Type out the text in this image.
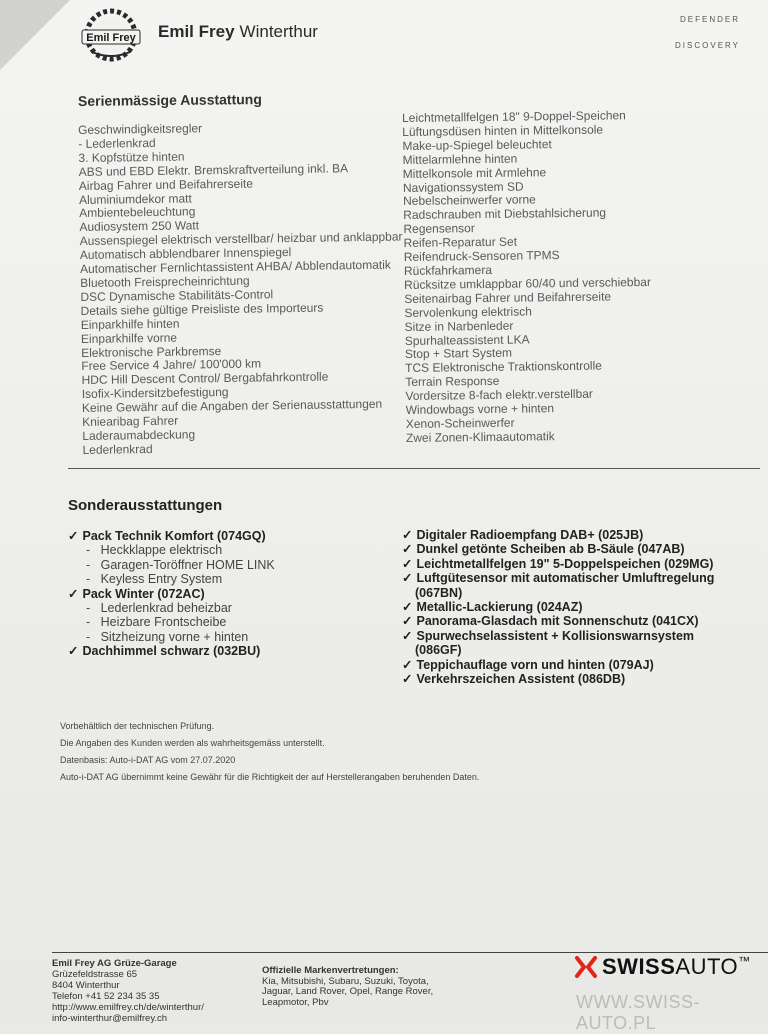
Emil Frey Emil Frey Winterthur
DEFENDER
DISCOVERY
Serienmässige Ausstattung
Geschwindigkeitsregler
- Lederlenkrad
3. Kopfstütze hinten
ABS und EBD Elektr. Bremskraftverteilung inkl. BA
Airbag Fahrer und Beifahrerseite
Aluminiumdekor matt
Ambientebeleuchtung
Audiosystem 250 Watt
Aussenspiegel elektrisch verstellbar/ heizbar und anklappbar
Automatisch abblendbarer Innenspiegel
Automatischer Fernlichtassistent AHBA/ Abblendautomatik
Bluetooth Freisprecheinrichtung
DSC Dynamische Stabilitäts-Control
Details siehe gültige Preisliste des Importeurs
Einparkhilfe hinten
Einparkhilfe vorne
Elektronische Parkbremse
Free Service 4 Jahre/ 100'000 km
HDC Hill Descent Control/ Bergabfahrkontrolle
Isofix-Kindersitzbefestigung
Keine Gewähr auf die Angaben der Serienausstattungen
Kniearibag Fahrer
Laderaumabdeckung
Lederlenkrad
Leichtmetallfelgen 18" 9-Doppel-Speichen
Lüftungsdüsen hinten in Mittelkonsole
Make-up-Spiegel beleuchtet
Mittelarmlehne hinten
Mittelkonsole mit Armlehne
Navigationssystem SD
Nebelscheinwerfer vorne
Radschrauben mit Diebstahlsicherung
Regensensor
Reifen-Reparatur Set
Reifendruck-Sensoren TPMS
Rückfahrkamera
Rücksitze umklappbar 60/40 und verschiebbar
Seitenairbag Fahrer und Beifahrerseite
Servolenkung elektrisch
Sitze in Narbenleder
Spurhalteassistent LKA
Stop + Start System
TCS Elektronische Traktionskontrolle
Terrain Response
Vordersitze 8-fach elektr.verstellbar
Windowbags vorne + hinten
Xenon-Scheinwerfer
Zwei Zonen-Klimaautomatik
Sonderausstattungen
✓ Pack Technik Komfort (074GQ)
- Heckklappe elektrisch
- Garagen-Toröffner HOME LINK
- Keyless Entry System
✓ Pack Winter (072AC)
- Lederlenkrad beheizbar
- Heizbare Frontscheibe
- Sitzheizung vorne + hinten
✓ Dachhimmel schwarz (032BU)
✓ Digitaler Radioempfang DAB+ (025JB)
✓ Dunkel getönte Scheiben ab B-Säule (047AB)
✓ Leichtmetallfelgen 19" 5-Doppelspeichen (029MG)
✓ Luftgütesensor mit automatischer Umluftregelung
(067BN)
✓ Metallic-Lackierung (024AZ)
✓ Panorama-Glasdach mit Sonnenschutz (041CX)
✓ Spurwechselassistent + Kollisionswarnsystem
(086GF)
✓ Teppichauflage vorn und hinten (079AJ)
✓ Verkehrszeichen Assistent (086DB)
Vorbehältlich der technischen Prüfung.
Die Angaben des Kunden werden als wahrheitsgemäss unterstellt.
Datenbasis: Auto-i-DAT AG vom 27.07.2020
Auto-i-DAT AG übernimmt keine Gewähr für die Richtigkeit der auf Herstellerangaben beruhenden Daten.
Emil Frey AG Grüze-Garage
Grüzefeldstrasse 65
8404 Winterthur
Telefon +41 52 234 35 35
http://www.emilfrey.ch/de/winterthur/
info-winterthur@emilfrey.ch
Offizielle Markenvertretungen:
Kia, Mitsubishi, Subaru, Suzuki, Toyota,
Jaguar, Land Rover, Opel, Range Rover,
Leapmotor, Pbv
SWISS AUTO ™
WWW.SWISS-AUTO.PL
